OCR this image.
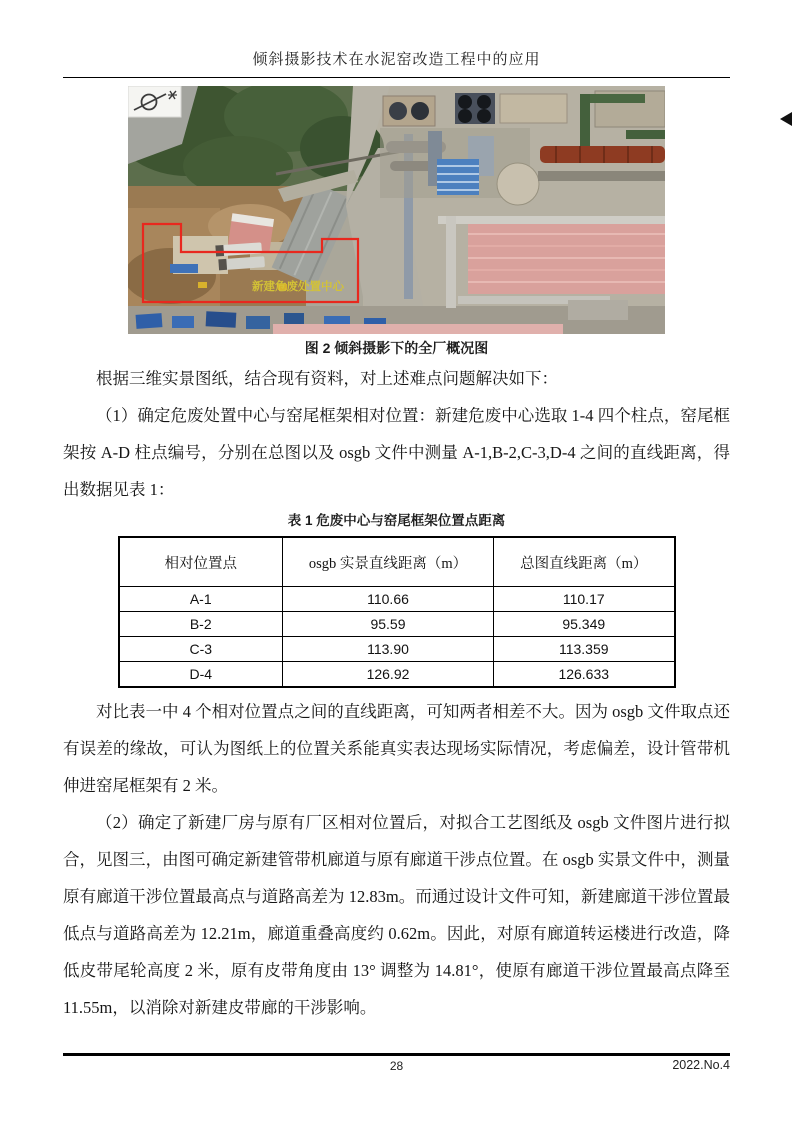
倾斜摄影技术在水泥窑改造工程中的应用
新建危废处置中心
图 2 倾斜摄影下的全厂概况图

根据三维实景图纸，结合现有资料，对上述难点问题解决如下：

（1）确定危废处置中心与窑尾框架相对位置：新建危废中心选取 1-4 四个柱点，窑尾框架按 A-D 柱点编号，分别在总图以及 osgb 文件中测量 A-1,B-2,C-3,D-4 之间的直线距离，得出数据见表 1：

表 1 危废中心与窑尾框架位置点距离
相对位置点	osgb 实景直线距离（m）	总图直线距离（m）
A-1	110.66	110.17
B-2	95.59	95.349
C-3	113.90	113.359
D-4	126.92	126.633

对比表一中 4 个相对位置点之间的直线距离，可知两者相差不大。因为 osgb 文件取点还有误差的缘故，可认为图纸上的位置关系能真实表达现场实际情况，考虑偏差，设计管带机伸进窑尾框架有 2 米。

（2）确定了新建厂房与原有厂区相对位置后，对拟合工艺图纸及 osgb 文件图片进行拟合，见图三，由图可确定新建管带机廊道与原有廊道干涉点位置。在 osgb 实景文件中，测量原有廊道干涉位置最高点与道路高差为 12.83m。而通过设计文件可知，新建廊道干涉位置最低点与道路高差为 12.21m，廊道重叠高度约 0.62m。因此，对原有廊道转运楼进行改造，降低皮带尾轮高度 2 米，原有皮带角度由 13° 调整为 14.81°，使原有廊道干涉位置最高点降至 11.55m，以消除对新建皮带廊的干涉影响。

28	2022.No.4
